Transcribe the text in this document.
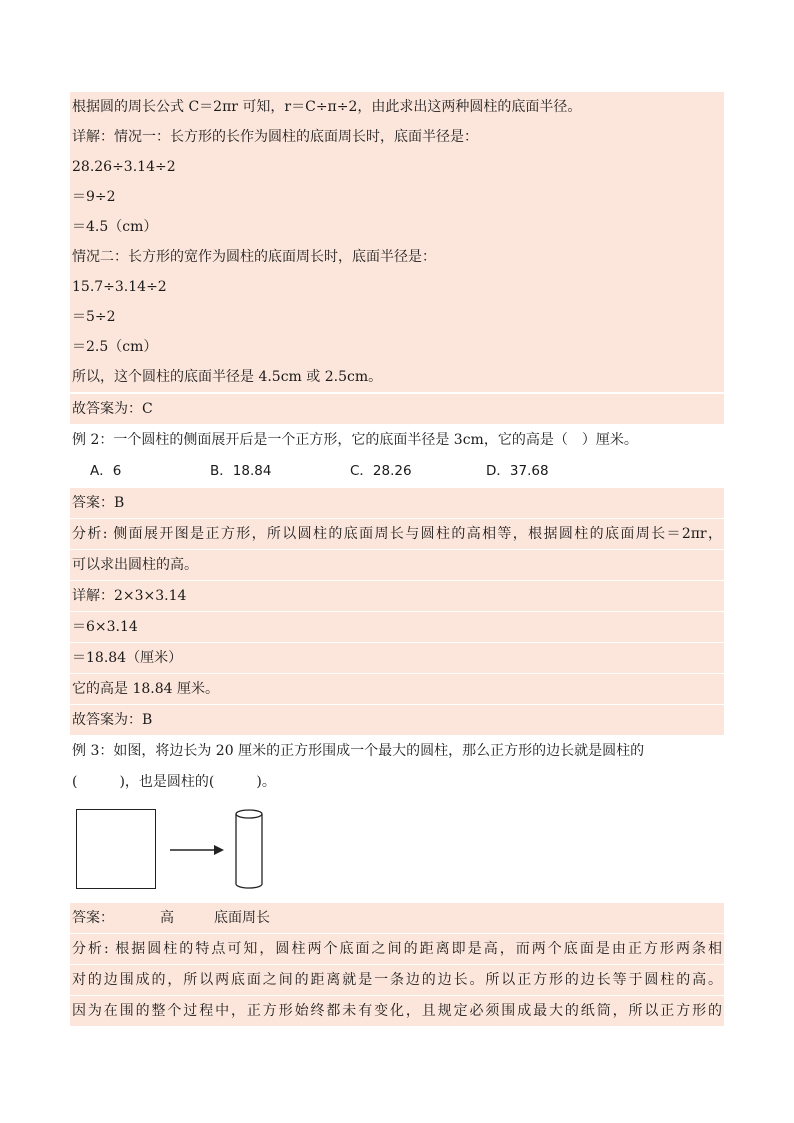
根据圆的周长公式 C＝2πr 可知，r＝C÷π÷2，由此求出这两种圆柱的底面半径。
详解：情况一：长方形的长作为圆柱的底面周长时，底面半径是：
28.26÷3.14÷2
＝9÷2
＝4.5（cm）
情况二：长方形的宽作为圆柱的底面周长时，底面半径是：
15.7÷3.14÷2
＝5÷2
＝2.5（cm）
所以，这个圆柱的底面半径是 4.5cm 或 2.5cm。
故答案为：C
例 2：一个圆柱的侧面展开后是一个正方形，它的底面半径是 3cm，它的高是（　）厘米。
A．6	B．18.84	C．28.26	D．37.68
答案：B
分析: 侧面展开图是正方形，所以圆柱的底面周长与圆柱的高相等，根据圆柱的底面周长＝2πr，
可以求出圆柱的高。
详解：2×3×3.14
＝6×3.14
＝18.84（厘米）
它的高是 18.84 厘米。
故答案为：B
例 3：如图，将边长为 20 厘米的正方形围成一个最大的圆柱，那么正方形的边长就是圆柱的
(　　　)，也是圆柱的(　　　)。
答案：	高	底面周长
分析: 根据圆柱的特点可知，圆柱两个底面之间的距离即是高，而两个底面是由正方形两条相
对的边围成的，所以两底面之间的距离就是一条边的边长。所以正方形的边长等于圆柱的高。
因为在围的整个过程中，正方形始终都未有变化，且规定必须围成最大的纸筒，所以正方形的
